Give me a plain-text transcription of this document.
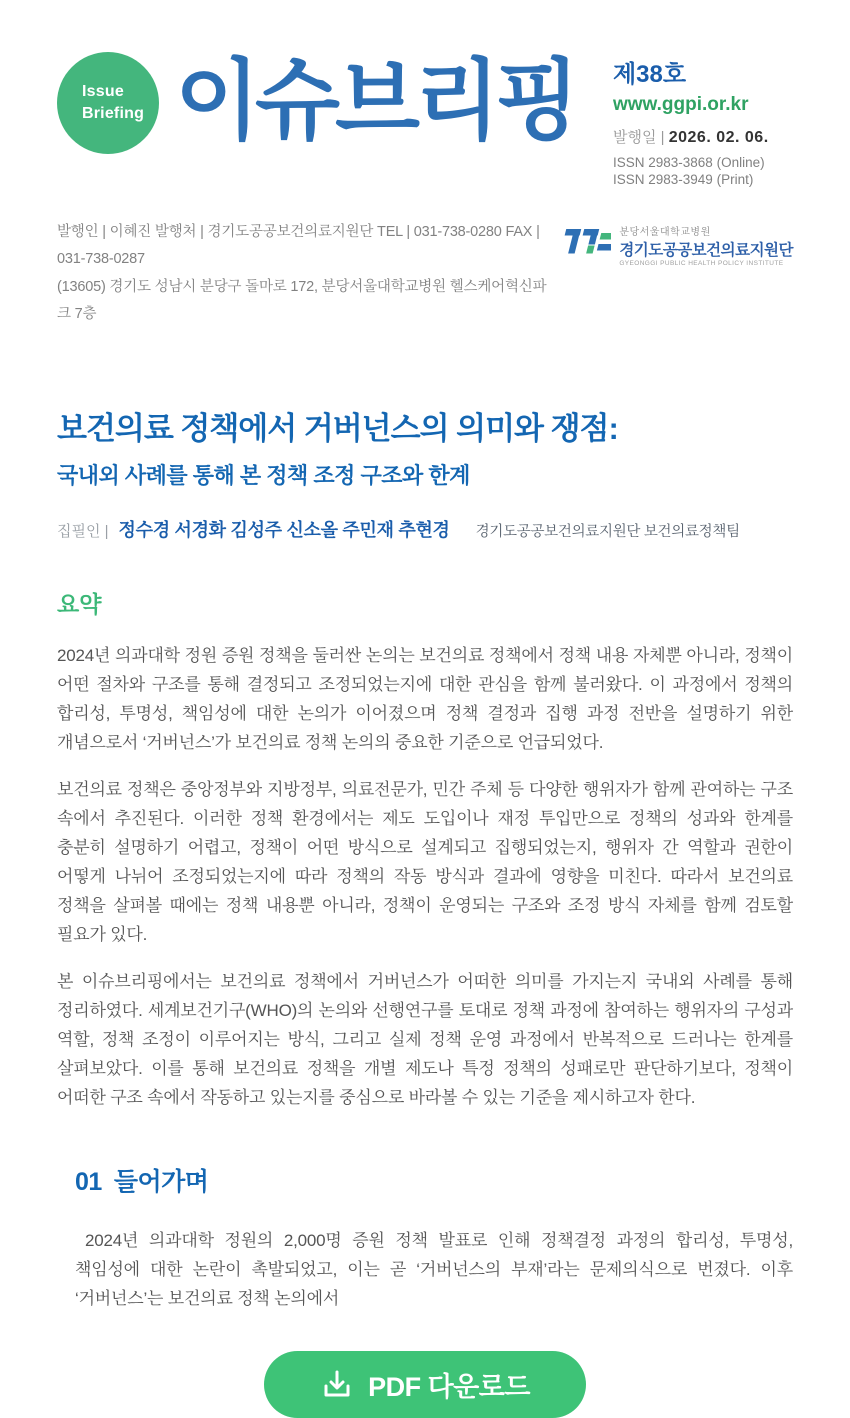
Issue
Briefing 이슈브리핑 제38호
www.ggpi.or.kr
발행일 | 2026. 02. 06.
ISSN 2983-3868 (Online)
ISSN 2983-3949 (Print)
발행인 | 이혜진 발행처 | 경기도공공보건의료지원단 TEL | 031-738-0280 FAX | 031-738-0287
(13605) 경기도 성남시 분당구 돌마로 172, 분당서울대학교병원 헬스케어혁신파크 7층
분당서울대학교병원
경기도공공보건의료지원단
GYEONGGI PUBLIC HEALTH POLICY INSTITUTE
보건의료 정책에서 거버넌스의 의미와 쟁점:
국내외 사례를 통해 본 정책 조정 구조와 한계
집필인 | 정수경 서경화 김성주 신소올 주민재 추현경 경기도공공보건의료지원단 보건의료정책팀
요약

2024년 의과대학 정원 증원 정책을 둘러싼 논의는 보건의료 정책에서 정책 내용 자체뿐 아니라, 정책이 어떤 절차와 구조를 통해 결정되고 조정되었는지에 대한 관심을 함께 불러왔다. 이 과정에서 정책의 합리성, 투명성, 책임성에 대한 논의가 이어졌으며 정책 결정과 집행 과정 전반을 설명하기 위한 개념으로서 ‘거버넌스’가 보건의료 정책 논의의 중요한 기준으로 언급되었다.

보건의료 정책은 중앙정부와 지방정부, 의료전문가, 민간 주체 등 다양한 행위자가 함께 관여하는 구조 속에서 추진된다. 이러한 정책 환경에서는 제도 도입이나 재정 투입만으로 정책의 성과와 한계를 충분히 설명하기 어렵고, 정책이 어떤 방식으로 설계되고 집행되었는지, 행위자 간 역할과 권한이 어떻게 나뉘어 조정되었는지에 따라 정책의 작동 방식과 결과에 영향을 미친다. 따라서 보건의료 정책을 살펴볼 때에는 정책 내용뿐 아니라, 정책이 운영되는 구조와 조정 방식 자체를 함께 검토할 필요가 있다.

본 이슈브리핑에서는 보건의료 정책에서 거버넌스가 어떠한 의미를 가지는지 국내외 사례를 통해 정리하였다. 세계보건기구(WHO)의 논의와 선행연구를 토대로 정책 과정에 참여하는 행위자의 구성과 역할, 정책 조정이 이루어지는 방식, 그리고 실제 정책 운영 과정에서 반복적으로 드러나는 한계를 살펴보았다. 이를 통해 보건의료 정책을 개별 제도나 특정 정책의 성패로만 판단하기보다, 정책이 어떠한 구조 속에서 작동하고 있는지를 중심으로 바라볼 수 있는 기준을 제시하고자 한다.

01 들어가며

2024년 의과대학 정원의 2,000명 증원 정책 발표로 인해 정책결정 과정의 합리성, 투명성, 책임성에 대한 논란이 촉발되었고, 이는 곧 ‘거버넌스의 부재’라는 문제의식으로 번졌다. 이후 ‘거버넌스’는 보건의료 정책 논의에서

PDF 다운로드
